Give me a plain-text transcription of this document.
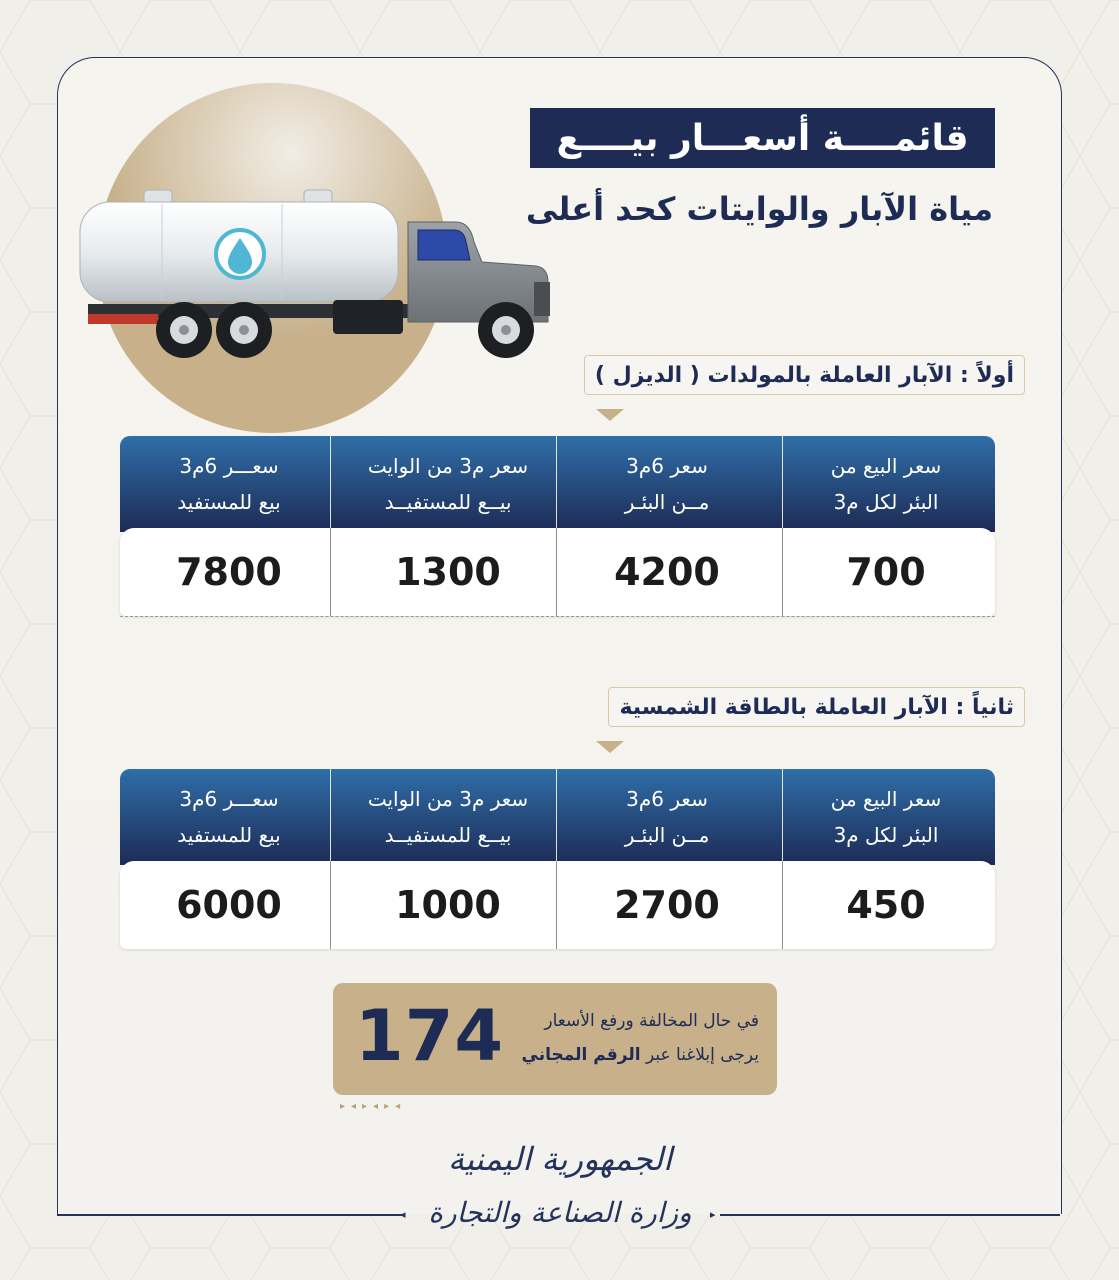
قائمــــة أسعـــار بيــــع
مياة الآبار والوايتات كحد أعلى
أولاً : الآبار العاملة بالمولدات ( الديزل )
سعر البيع من
البئر لكل م3
سعر 6م3
مــن البئـر
سعر م3 من الوايت
بيــع للمستفيــد
سعـــر 6م3
بيع للمستفيد
700
4200
1300
7800
ثانياً : الآبار العاملة بالطاقة الشمسية
سعر البيع من
البئر لكل م3
سعر 6م3
مــن البئـر
سعر م3 من الوايت
بيــع للمستفيــد
سعـــر 6م3
بيع للمستفيد
450
2700
1000
6000
174 في حال المخالفة ورفع الأسعار
يرجى إبلاغنا عبر الرقم المجاني
▸◂▸◂▸◂
الجمهورية اليمنية
وزارة الصناعة والتجارة
◂	▸
